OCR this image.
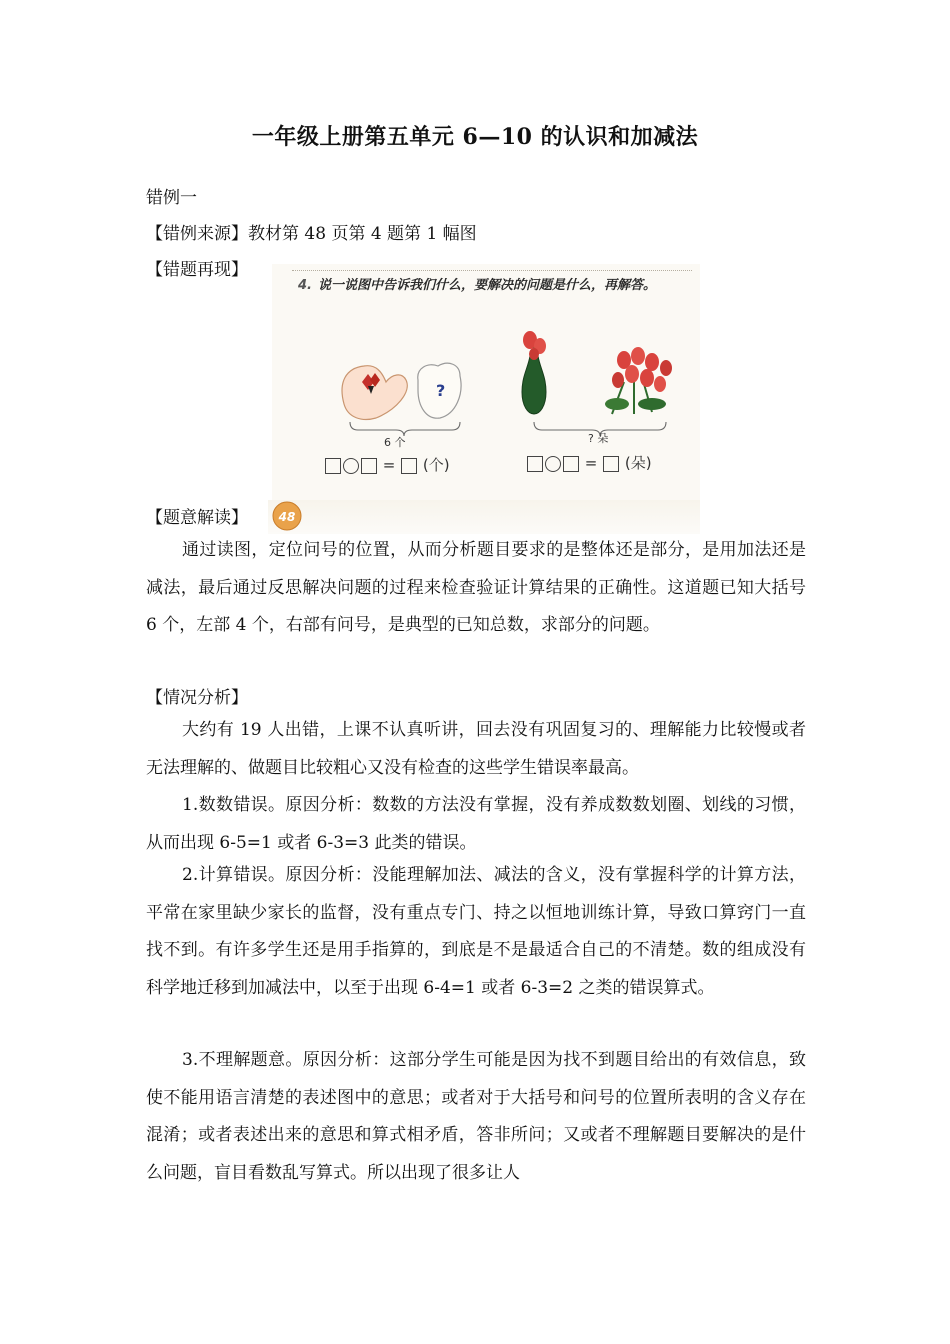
一年级上册第五单元 6—10 的认识和加减法
错例一
【错例来源】教材第 48 页第 4 题第 1 幅图
【错题再现】
4. 说一说图中告诉我们什么，要解决的问题是什么，再解答。
?
6 个	? 朵
= (个)	= (朵)
【题意解读】	48
通过读图，定位问号的位置，从而分析题目要求的是整体还是部分，是用加法还是减法，最后通过反思解决问题的过程来检查验证计算结果的正确性。这道题已知大括号 6 个，左部 4 个，右部有问号，是典型的已知总数，求部分的问题。
【情况分析】
大约有 19 人出错，上课不认真听讲，回去没有巩固复习的、理解能力比较慢或者无法理解的、做题目比较粗心又没有检查的这些学生错误率最高。
1.数数错误。原因分析：数数的方法没有掌握，没有养成数数划圈、划线的习惯，从而出现 6-5=1 或者 6-3=3 此类的错误。
2.计算错误。原因分析：没能理解加法、减法的含义，没有掌握科学的计算方法，平常在家里缺少家长的监督，没有重点专门、持之以恒地训练计算，导致口算窍门一直找不到。有许多学生还是用手指算的，到底是不是最适合自己的不清楚。数的组成没有科学地迁移到加减法中，以至于出现 6-4=1 或者 6-3=2 之类的错误算式。
3.不理解题意。原因分析：这部分学生可能是因为找不到题目给出的有效信息，致使不能用语言清楚的表述图中的意思；或者对于大括号和问号的位置所表明的含义存在混淆；或者表述出来的意思和算式相矛盾，答非所问；又或者不理解题目要解决的是什么问题，盲目看数乱写算式。所以出现了很多让人
